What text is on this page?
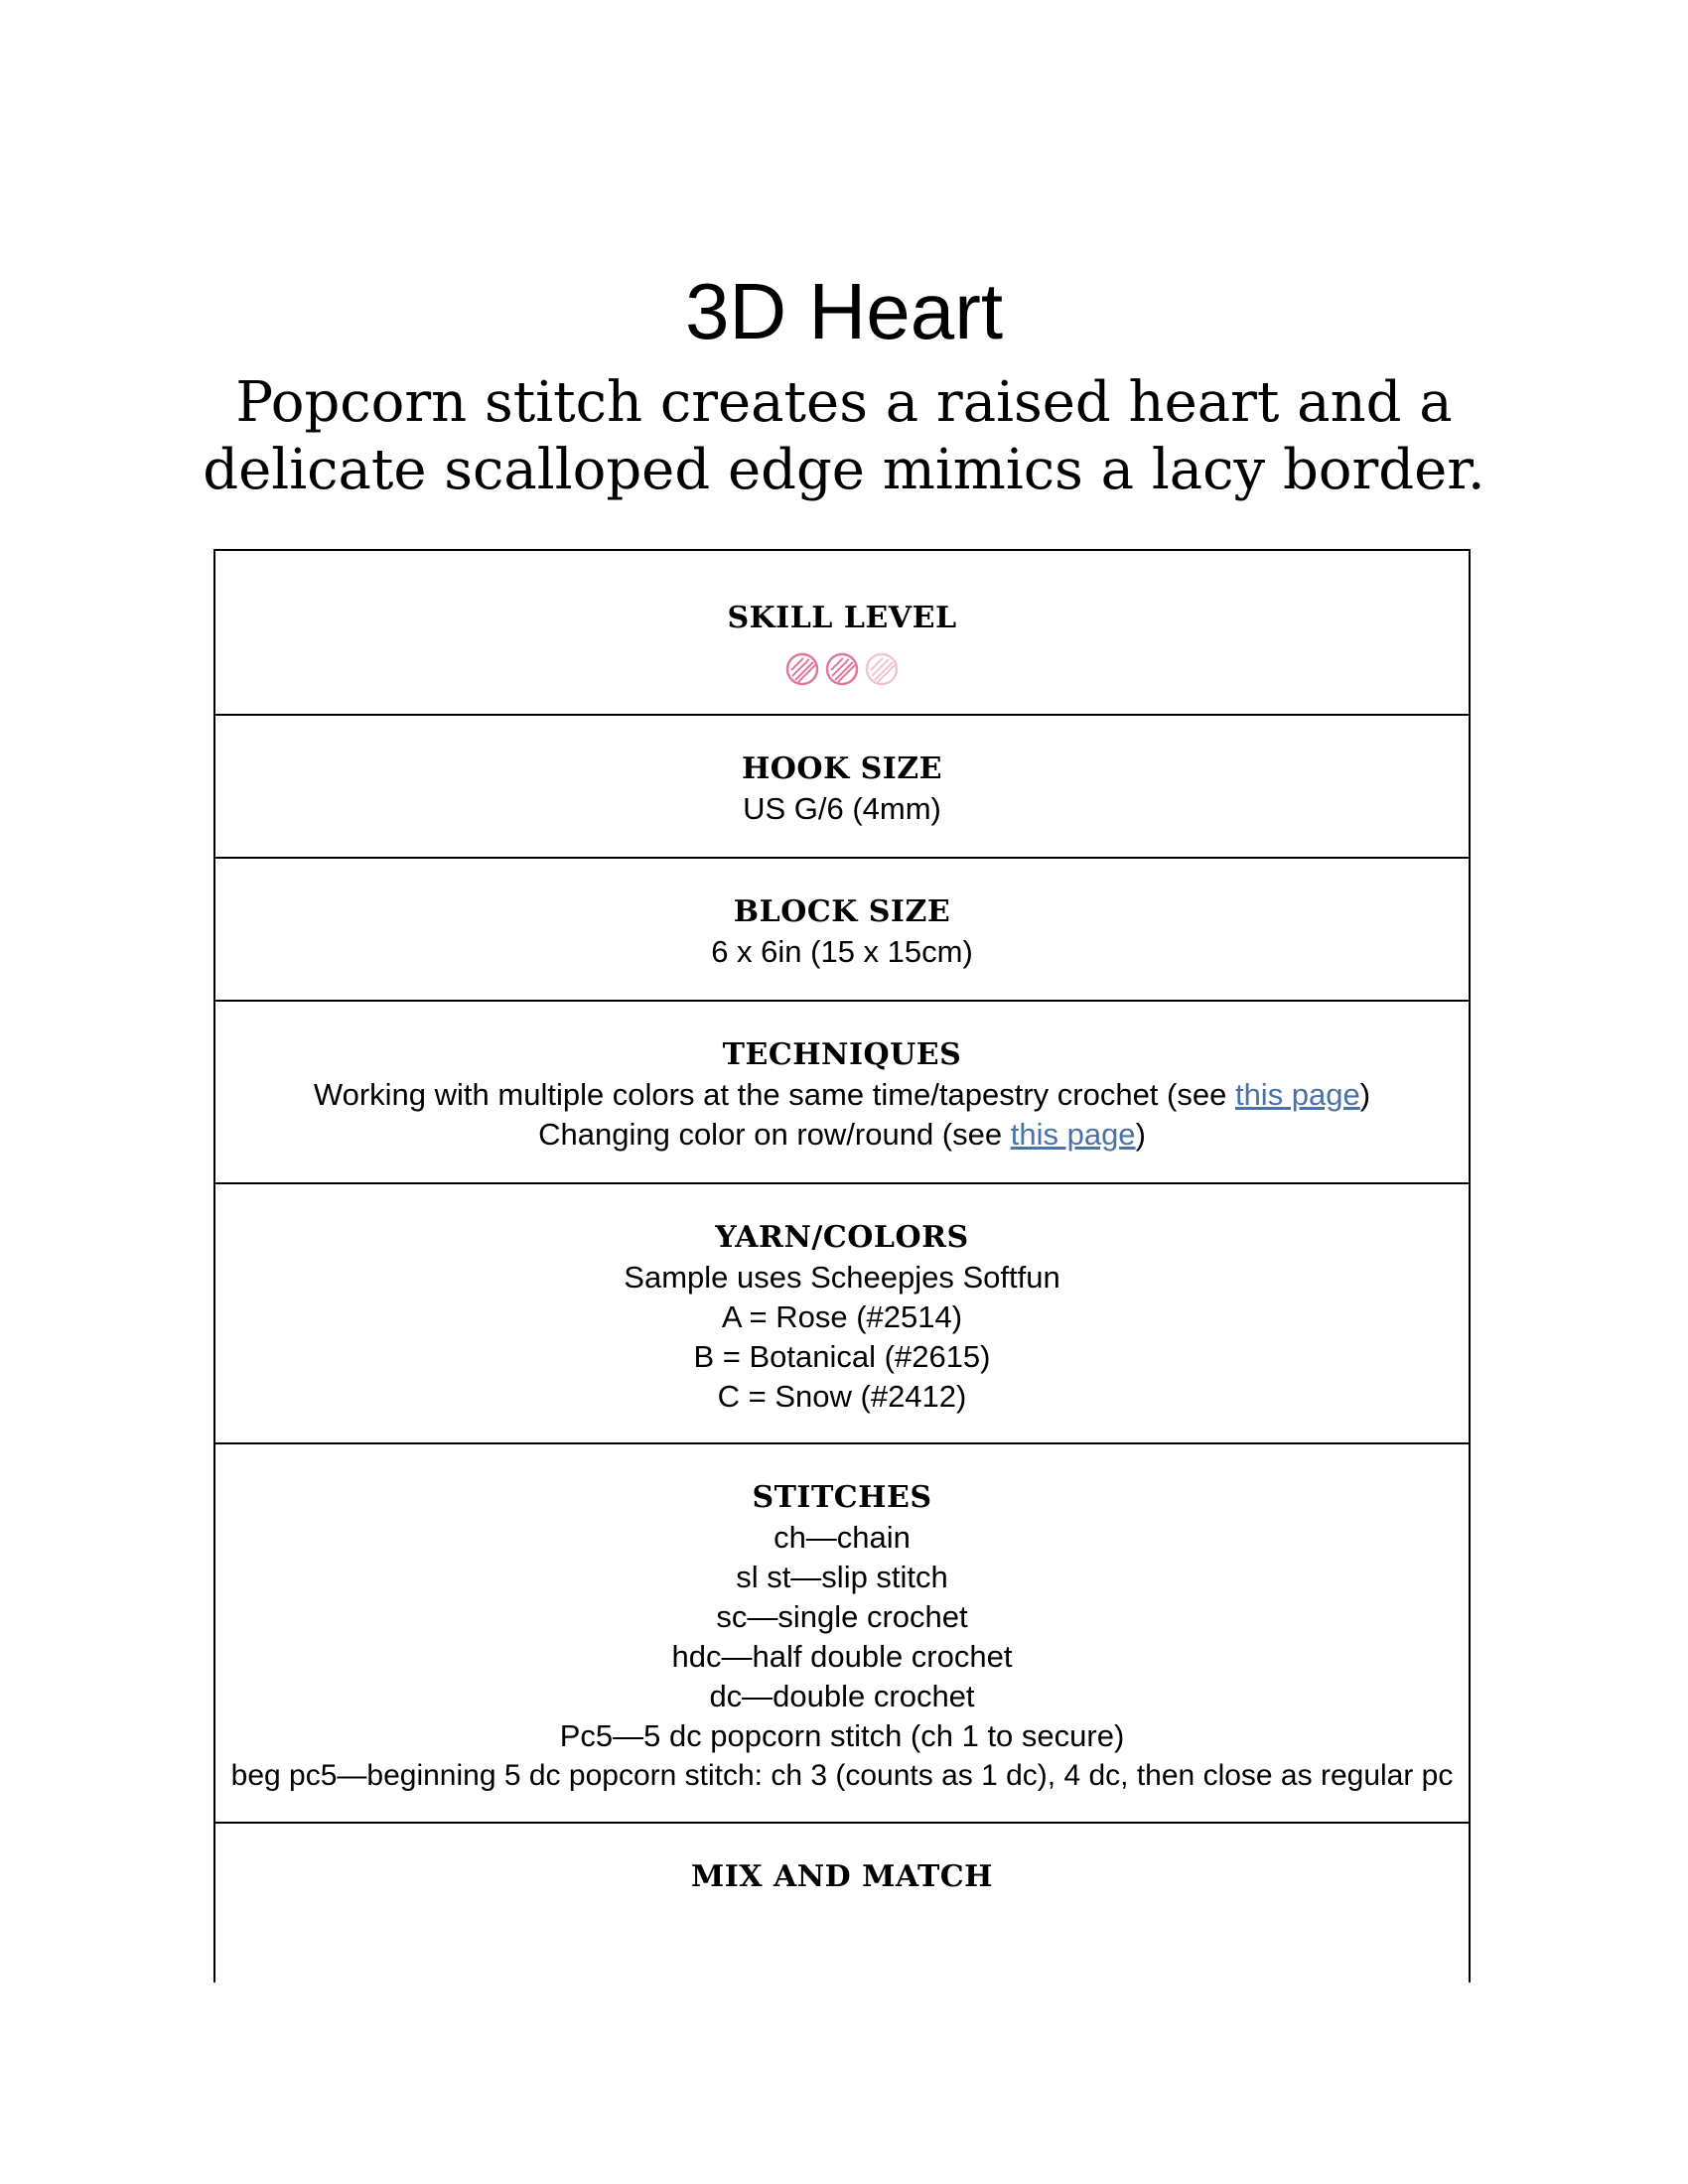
3D Heart

Popcorn stitch creates a raised heart and a delicate scalloped edge mimics a lacy border.

SKILL LEVEL
HOOK SIZE
US G/6 (4mm)
BLOCK SIZE
6 x 6in (15 x 15cm)
TECHNIQUES
Working with multiple colors at the same time/tapestry crochet (see this page)
Changing color on row/round (see this page)
YARN/COLORS
Sample uses Scheepjes Softfun
A = Rose (#2514)
B = Botanical (#2615)
C = Snow (#2412)
STITCHES
ch—chain
sl st—slip stitch
sc—single crochet
hdc—half double crochet
dc—double crochet
Pc5—5 dc popcorn stitch (ch 1 to secure)
beg pc5—beginning 5 dc popcorn stitch: ch 3 (counts as 1 dc), 4 dc, then close as regular pc
MIX AND MATCH
